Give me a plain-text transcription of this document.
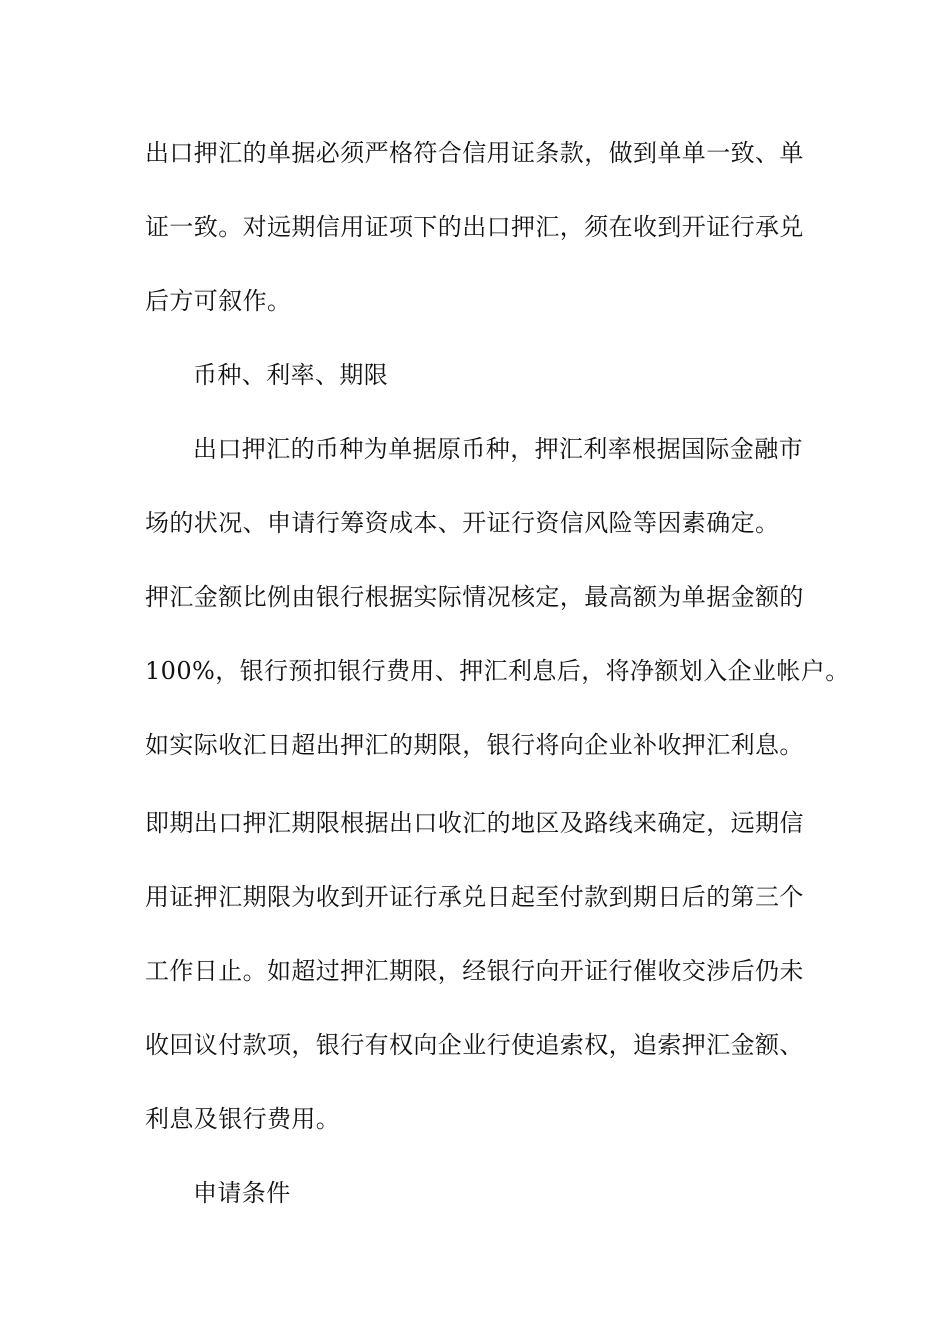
出口押汇的单据必须严格符合信用证条款，做到单单一致、单
证一致。对远期信用证项下的出口押汇，须在收到开证行承兑
后方可叙作。
币种、利率、期限
出口押汇的币种为单据原币种，押汇利率根据国际金融市
场的状况、申请行筹资成本、开证行资信风险等因素确定。
押汇金额比例由银行根据实际情况核定，最高额为单据金额的
100%，银行预扣银行费用、押汇利息后，将净额划入企业帐户。
如实际收汇日超出押汇的期限，银行将向企业补收押汇利息。
即期出口押汇期限根据出口收汇的地区及路线来确定，远期信
用证押汇期限为收到开证行承兑日起至付款到期日后的第三个
工作日止。如超过押汇期限，经银行向开证行催收交涉后仍未
收回议付款项，银行有权向企业行使追索权，追索押汇金额、
利息及银行费用。
申请条件
